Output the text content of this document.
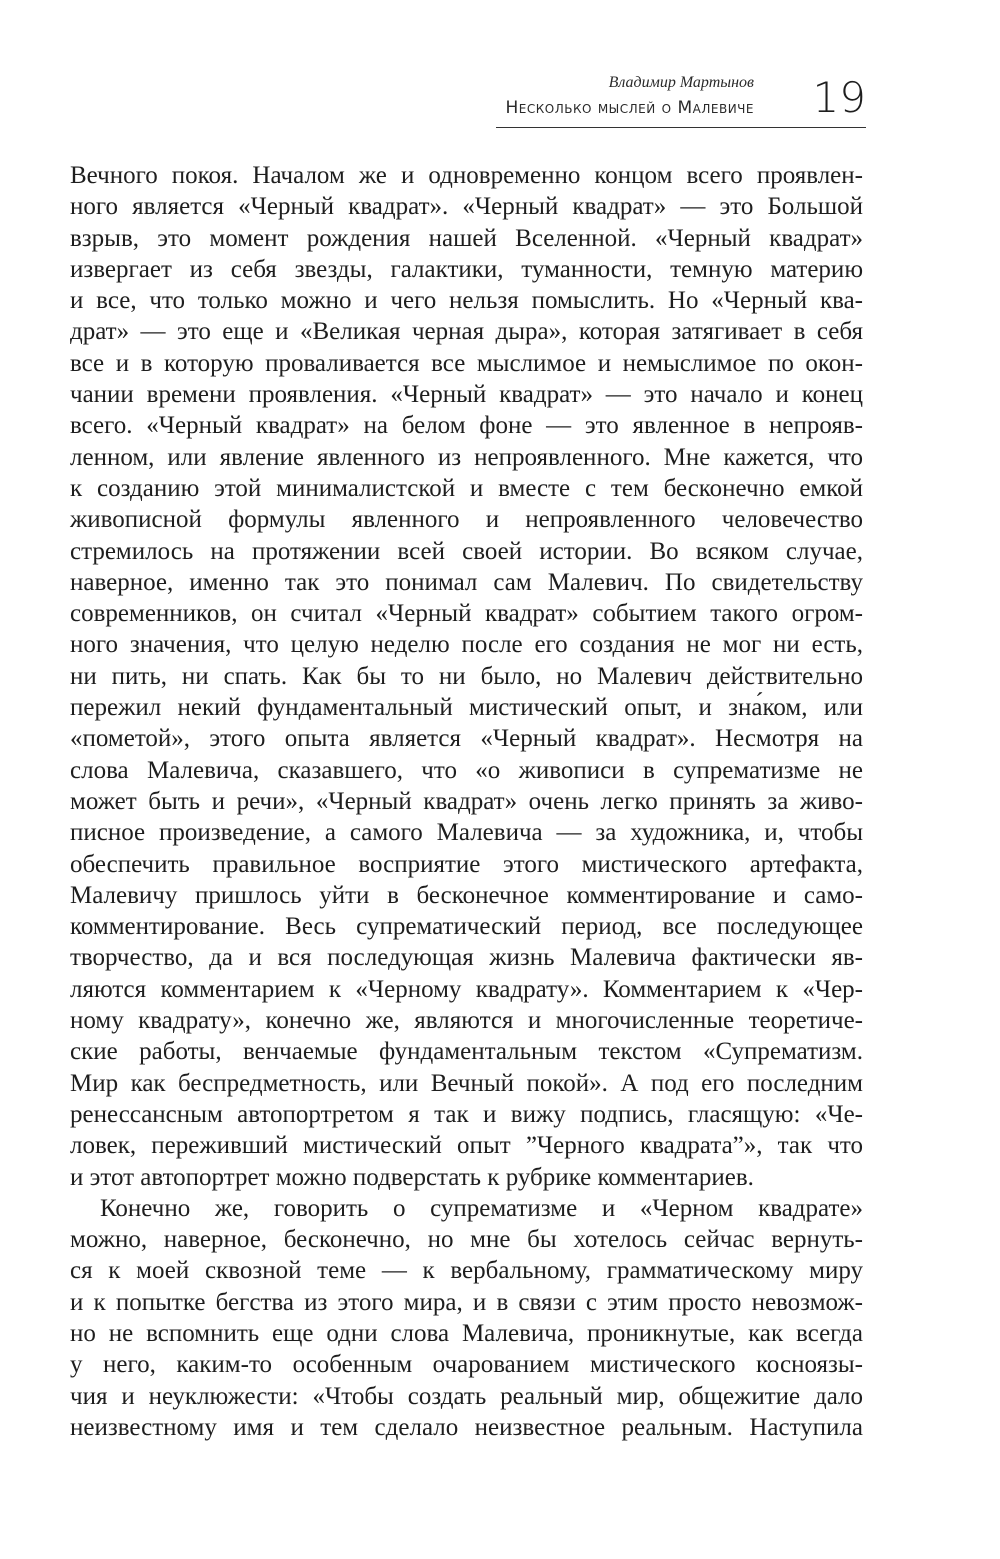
Владимир Мартынов
Несколько мыслей о Малевиче	19
Вечного покоя. Началом же и одновременно концом всего проявлен-
ного является «Черный квадрат». «Черный квадрат» — это Большой
взрыв, это момент рождения нашей Вселенной. «Черный квадрат»
извергает из себя звезды, галактики, туманности, темную материю
и все, что только можно и чего нельзя помыслить. Но «Черный ква-
драт» — это еще и «Великая черная дыра», которая затягивает в себя
все и в которую проваливается все мыслимое и немыслимое по окон-
чании времени проявления. «Черный квадрат» — это начало и конец
всего. «Черный квадрат» на белом фоне — это явленное в непрояв-
ленном, или явление явленного из непроявленного. Мне кажется, что
к созданию этой минималистской и вместе с тем бесконечно емкой
живописной формулы явленного и непроявленного человечество
стремилось на протяжении всей своей истории. Во всяком случае,
наверное, именно так это понимал сам Малевич. По свидетельству
современников, он считал «Черный квадрат» событием такого огром-
ного значения, что целую неделю после его создания не мог ни есть,
ни пить, ни спать. Как бы то ни было, но Малевич действительно
пережил некий фундаментальный мистический опыт, и зна́ком, или
«пометой», этого опыта является «Черный квадрат». Несмотря на
слова Малевича, сказавшего, что «о живописи в супрематизме не
может быть и речи», «Черный квадрат» очень легко принять за живо-
писное произведение, а самого Малевича — за художника, и, чтобы
обеспечить правильное восприятие этого мистического артефакта,
Малевичу пришлось уйти в бесконечное комментирование и само-
комментирование. Весь супрематический период, все последующее
творчество, да и вся последующая жизнь Малевича фактически яв-
ляются комментарием к «Черному квадрату». Комментарием к «Чер-
ному квадрату», конечно же, являются и многочисленные теоретиче-
ские работы, венчаемые фундаментальным текстом «Супрематизм.
Мир как беспредметность, или Вечный покой». А под его последним
ренессансным автопортретом я так и вижу подпись, гласящую: «Че-
ловек, переживший мистический опыт ”Черного квадрата”», так что
и этот автопортрет можно подверстать к рубрике комментариев.
Конечно же, говорить о супрематизме и «Черном квадрате»
можно, наверное, бесконечно, но мне бы хотелось сейчас вернуть-
ся к моей сквозной теме — к вербальному, грамматическому миру
и к попытке бегства из этого мира, и в связи с этим просто невозмож-
но не вспомнить еще одни слова Малевича, проникнутые, как всегда
у него, каким-то особенным очарованием мистического косноязы-
чия и неуклюжести: «Чтобы создать реальный мир, общежитие дало
неизвестному имя и тем сделало неизвестное реальным. Наступила
